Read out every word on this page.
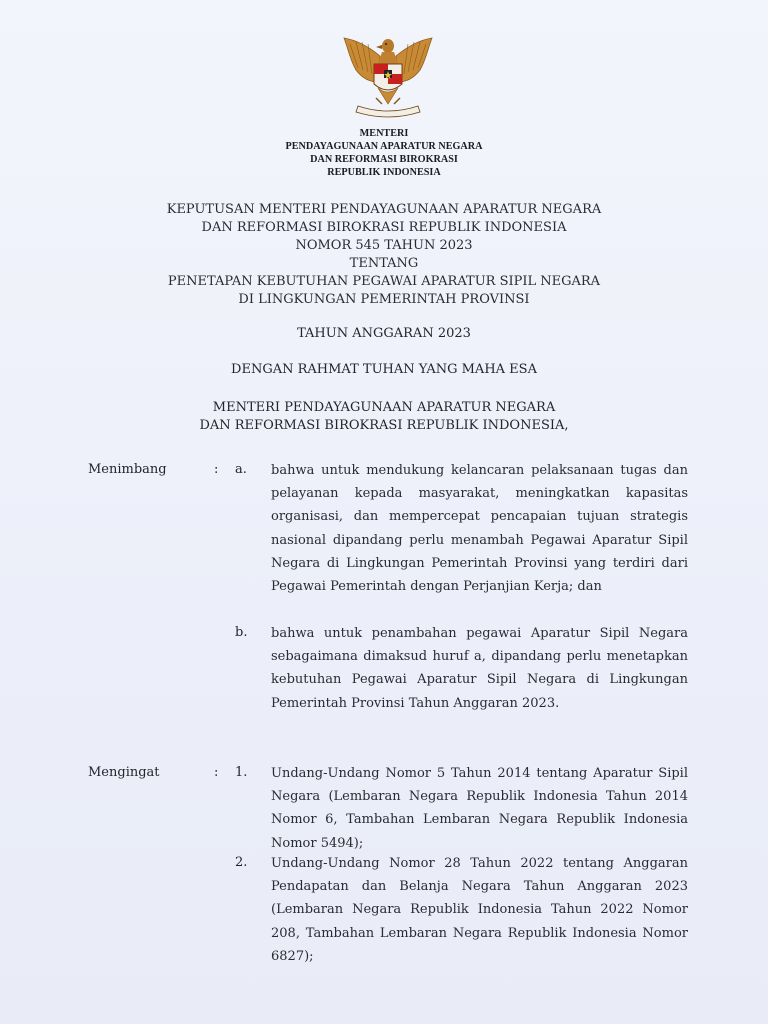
MENTERI
PENDAYAGUNAAN APARATUR NEGARA
DAN REFORMASI BIROKRASI
REPUBLIK INDONESIA
KEPUTUSAN MENTERI PENDAYAGUNAAN APARATUR NEGARA
DAN REFORMASI BIROKRASI REPUBLIK INDONESIA
NOMOR 545 TAHUN 2023
TENTANG
PENETAPAN KEBUTUHAN PEGAWAI APARATUR SIPIL NEGARA
DI LINGKUNGAN PEMERINTAH PROVINSI
TAHUN ANGGARAN 2023
DENGAN RAHMAT TUHAN YANG MAHA ESA
MENTERI PENDAYAGUNAAN APARATUR NEGARA
DAN REFORMASI BIROKRASI REPUBLIK INDONESIA,
Menimbang	: a. bahwa untuk mendukung kelancaran pelaksanaan tugas dan pelayanan kepada masyarakat, meningkatkan kapasitas organisasi, dan mempercepat pencapaian tujuan strategis nasional dipandang perlu menambah Pegawai Aparatur Sipil Negara di Lingkungan Pemerintah Provinsi yang terdiri dari Pegawai Pemerintah dengan Perjanjian Kerja; dan
b. bahwa untuk penambahan pegawai Aparatur Sipil Negara sebagaimana dimaksud huruf a, dipandang perlu menetapkan kebutuhan Pegawai Aparatur Sipil Negara di Lingkungan Pemerintah Provinsi Tahun Anggaran 2023.
Mengingat	: 1. Undang-Undang Nomor 5 Tahun 2014 tentang Aparatur Sipil Negara (Lembaran Negara Republik Indonesia Tahun 2014 Nomor 6, Tambahan Lembaran Negara Republik Indonesia Nomor 5494);
2. Undang-Undang Nomor 28 Tahun 2022 tentang Anggaran Pendapatan dan Belanja Negara Tahun Anggaran 2023 (Lembaran Negara Republik Indonesia Tahun 2022 Nomor 208, Tambahan Lembaran Negara Republik Indonesia Nomor 6827);
